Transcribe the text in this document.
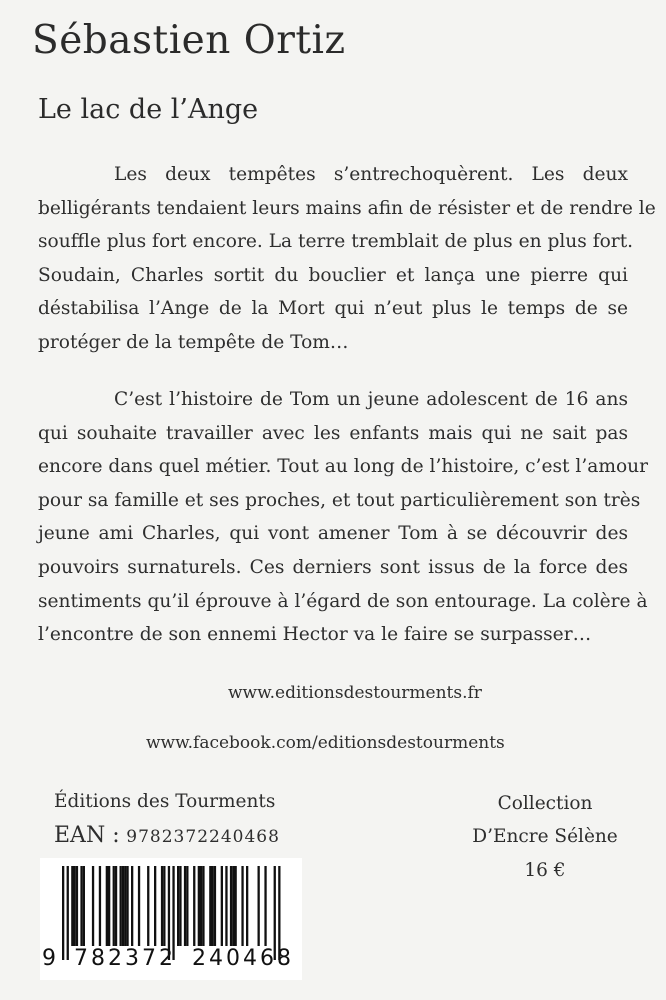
Sébastien Ortiz
Le lac de l’Ange
Les deux tempêtes s’entrechoquèrent. Les deux
belligérants tendaient leurs mains afin de résister et de rendre le
souffle plus fort encore. La terre tremblait de plus en plus fort.
Soudain, Charles sortit du bouclier et lança une pierre qui
déstabilisa l’Ange de la Mort qui n’eut plus le temps de se
protéger de la tempête de Tom…
C’est l’histoire de Tom un jeune adolescent de 16 ans
qui souhaite travailler avec les enfants mais qui ne sait pas
encore dans quel métier. Tout au long de l’histoire, c’est l’amour
pour sa famille et ses proches, et tout particulièrement son très
jeune ami Charles, qui vont amener Tom à se découvrir des
pouvoirs surnaturels. Ces derniers sont issus de la force des
sentiments qu’il éprouve à l’égard de son entourage. La colère à
l’encontre de son ennemi Hector va le faire se surpasser…
www.editionsdestourments.fr
www.facebook.com/editionsdestourments
Éditions des Tourments
EAN : 9782372240468
Collection
D’Encre Sélène
16 €
9 782372 240468
